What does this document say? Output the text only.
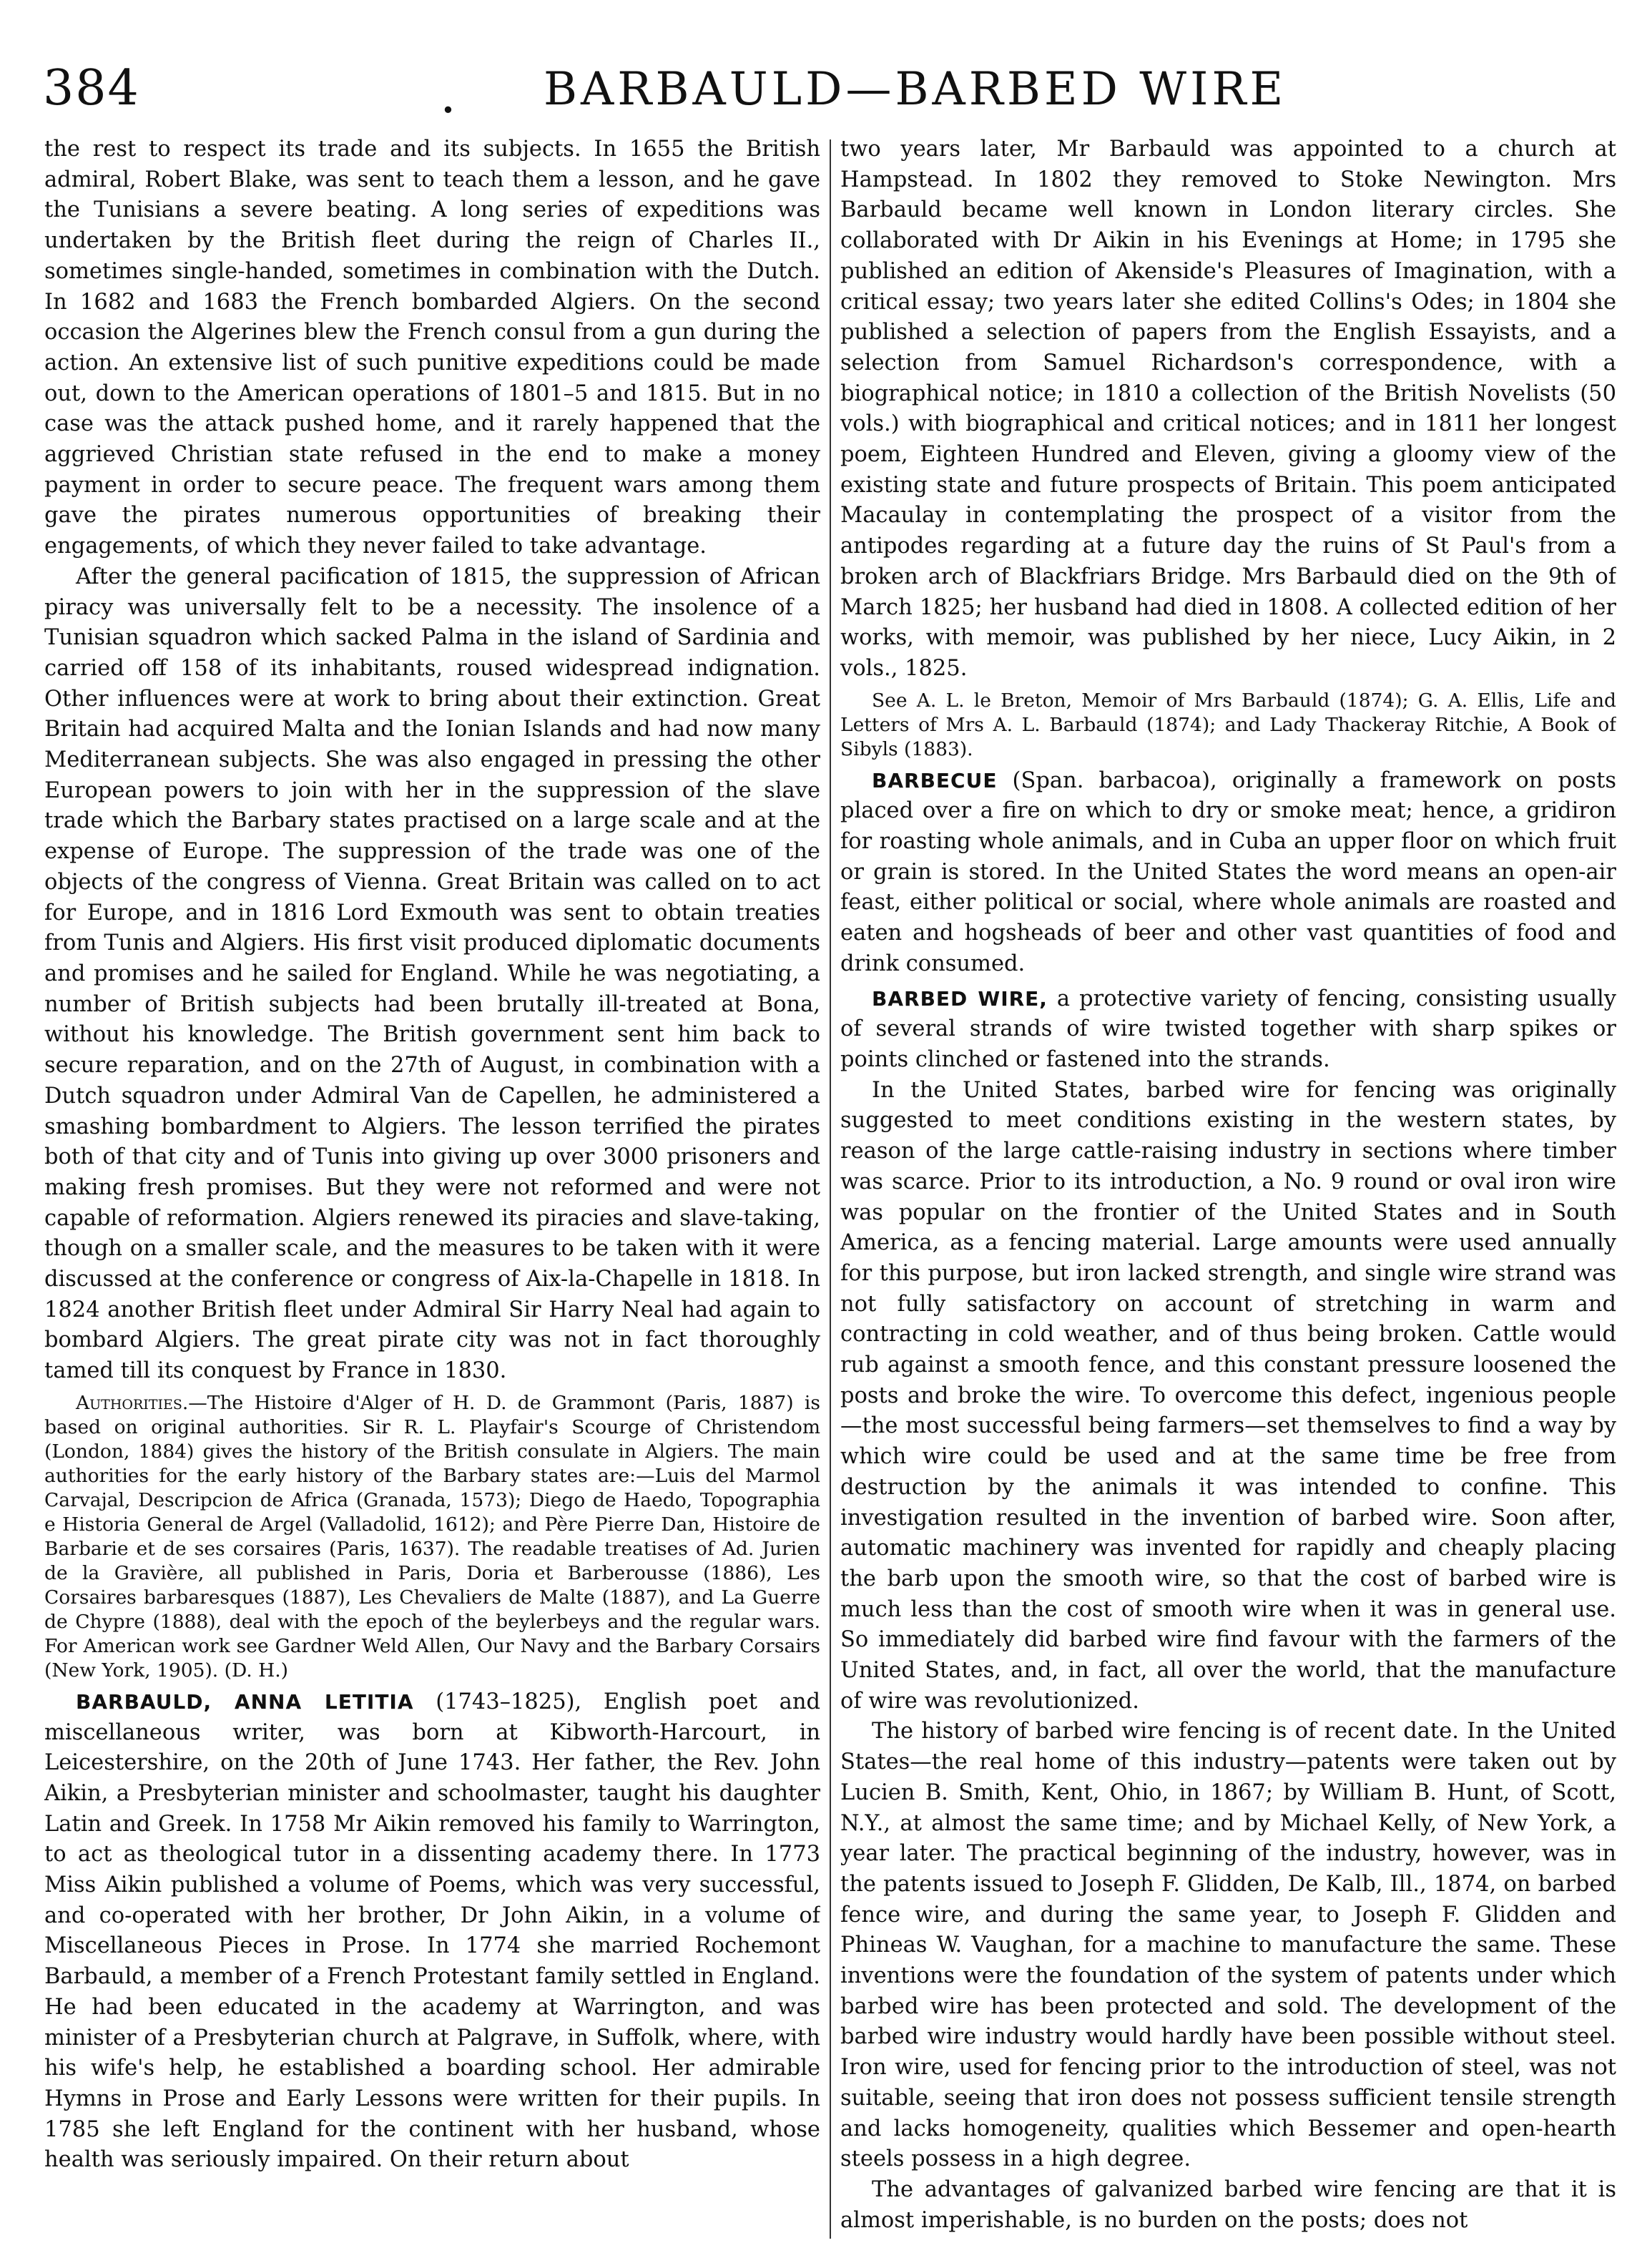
384	. BARBAULD—BARBED WIRE

the rest to respect its trade and its subjects. In 1655 the British admiral, Robert Blake, was sent to teach them a lesson, and he gave the Tunisians a severe beating. A long series of expeditions was undertaken by the British fleet during the reign of Charles II., sometimes single-handed, sometimes in combination with the Dutch. In 1682 and 1683 the French bombarded Algiers. On the second occasion the Algerines blew the French consul from a gun during the action. An extensive list of such punitive expeditions could be made out, down to the American operations of 1801–5 and 1815. But in no case was the attack pushed home, and it rarely happened that the aggrieved Christian state refused in the end to make a money payment in order to secure peace. The frequent wars among them gave the pirates numerous opportunities of breaking their engagements, of which they never failed to take advantage.

After the general pacification of 1815, the suppression of African piracy was universally felt to be a necessity. The insolence of a Tunisian squadron which sacked Palma in the island of Sardinia and carried off 158 of its inhabitants, roused widespread indignation. Other influences were at work to bring about their extinction. Great Britain had acquired Malta and the Ionian Islands and had now many Mediterranean subjects. She was also engaged in pressing the other European powers to join with her in the suppression of the slave trade which the Barbary states practised on a large scale and at the expense of Europe. The suppression of the trade was one of the objects of the congress of Vienna. Great Britain was called on to act for Europe, and in 1816 Lord Exmouth was sent to obtain treaties from Tunis and Algiers. His first visit produced diplomatic documents and promises and he sailed for England. While he was negotiating, a number of British subjects had been brutally ill-treated at Bona, without his knowledge. The British government sent him back to secure reparation, and on the 27th of August, in combination with a Dutch squadron under Admiral Van de Capellen, he administered a smashing bombardment to Algiers. The lesson terrified the pirates both of that city and of Tunis into giving up over 3000 prisoners and making fresh promises. But they were not reformed and were not capable of reformation. Algiers renewed its piracies and slave-taking, though on a smaller scale, and the measures to be taken with it were discussed at the conference or congress of Aix-la-Chapelle in 1818. In 1824 another British fleet under Admiral Sir Harry Neal had again to bombard Algiers. The great pirate city was not in fact thoroughly tamed till its conquest by France in 1830.

Authorities.—The Histoire d'Alger of H. D. de Grammont (Paris, 1887) is based on original authorities. Sir R. L. Playfair's Scourge of Christendom (London, 1884) gives the history of the British consulate in Algiers. The main authorities for the early history of the Barbary states are:—Luis del Marmol Carvajal, Descripcion de Africa (Granada, 1573); Diego de Haedo, Topographia e Historia General de Argel (Valladolid, 1612); and Père Pierre Dan, Histoire de Barbarie et de ses corsaires (Paris, 1637). The readable treatises of Ad. Jurien de la Gravière, all published in Paris, Doria et Barberousse (1886), Les Corsaires barbaresques (1887), Les Chevaliers de Malte (1887), and La Guerre de Chypre (1888), deal with the epoch of the beylerbeys and the regular wars. For American work see Gardner Weld Allen, Our Navy and the Barbary Corsairs (New York, 1905). (D. H.)

BARBAULD, ANNA LETITIA (1743–1825), English poet and miscellaneous writer, was born at Kibworth-Harcourt, in Leicestershire, on the 20th of June 1743. Her father, the Rev. John Aikin, a Presbyterian minister and schoolmaster, taught his daughter Latin and Greek. In 1758 Mr Aikin removed his family to Warrington, to act as theological tutor in a dissenting academy there. In 1773 Miss Aikin published a volume of Poems, which was very successful, and co-operated with her brother, Dr John Aikin, in a volume of Miscellaneous Pieces in Prose. In 1774 she married Rochemont Barbauld, a member of a French Protestant family settled in England. He had been educated in the academy at Warrington, and was minister of a Presbyterian church at Palgrave, in Suffolk, where, with his wife's help, he established a boarding school. Her admirable Hymns in Prose and Early Lessons were written for their pupils. In 1785 she left England for the continent with her husband, whose health was seriously impaired. On their return about

two years later, Mr Barbauld was appointed to a church at Hampstead. In 1802 they removed to Stoke Newington. Mrs Barbauld became well known in London literary circles. She collaborated with Dr Aikin in his Evenings at Home; in 1795 she published an edition of Akenside's Pleasures of Imagination, with a critical essay; two years later she edited Collins's Odes; in 1804 she published a selection of papers from the English Essayists, and a selection from Samuel Richardson's correspondence, with a biographical notice; in 1810 a collection of the British Novelists (50 vols.) with biographical and critical notices; and in 1811 her longest poem, Eighteen Hundred and Eleven, giving a gloomy view of the existing state and future prospects of Britain. This poem anticipated Macaulay in contemplating the prospect of a visitor from the antipodes regarding at a future day the ruins of St Paul's from a broken arch of Blackfriars Bridge. Mrs Barbauld died on the 9th of March 1825; her husband had died in 1808. A collected edition of her works, with memoir, was published by her niece, Lucy Aikin, in 2 vols., 1825.

See A. L. le Breton, Memoir of Mrs Barbauld (1874); G. A. Ellis, Life and Letters of Mrs A. L. Barbauld (1874); and Lady Thackeray Ritchie, A Book of Sibyls (1883).

BARBECUE (Span. barbacoa), originally a framework on posts placed over a fire on which to dry or smoke meat; hence, a gridiron for roasting whole animals, and in Cuba an upper floor on which fruit or grain is stored. In the United States the word means an open-air feast, either political or social, where whole animals are roasted and eaten and hogsheads of beer and other vast quantities of food and drink consumed.

BARBED WIRE, a protective variety of fencing, consisting usually of several strands of wire twisted together with sharp spikes or points clinched or fastened into the strands.

In the United States, barbed wire for fencing was originally suggested to meet conditions existing in the western states, by reason of the large cattle-raising industry in sections where timber was scarce. Prior to its introduction, a No. 9 round or oval iron wire was popular on the frontier of the United States and in South America, as a fencing material. Large amounts were used annually for this purpose, but iron lacked strength, and single wire strand was not fully satisfactory on account of stretching in warm and contracting in cold weather, and of thus being broken. Cattle would rub against a smooth fence, and this constant pressure loosened the posts and broke the wire. To overcome this defect, ingenious people—the most successful being farmers—set themselves to find a way by which wire could be used and at the same time be free from destruction by the animals it was intended to confine. This investigation resulted in the invention of barbed wire. Soon after, automatic machinery was invented for rapidly and cheaply placing the barb upon the smooth wire, so that the cost of barbed wire is much less than the cost of smooth wire when it was in general use. So immediately did barbed wire find favour with the farmers of the United States, and, in fact, all over the world, that the manufacture of wire was revolutionized.

The history of barbed wire fencing is of recent date. In the United States—the real home of this industry—patents were taken out by Lucien B. Smith, Kent, Ohio, in 1867; by William B. Hunt, of Scott, N.Y., at almost the same time; and by Michael Kelly, of New York, a year later. The practical beginning of the industry, however, was in the patents issued to Joseph F. Glidden, De Kalb, Ill., 1874, on barbed fence wire, and during the same year, to Joseph F. Glidden and Phineas W. Vaughan, for a machine to manufacture the same. These inventions were the foundation of the system of patents under which barbed wire has been protected and sold. The development of the barbed wire industry would hardly have been possible without steel. Iron wire, used for fencing prior to the introduction of steel, was not suitable, seeing that iron does not possess sufficient tensile strength and lacks homogeneity, qualities which Bessemer and open-hearth steels possess in a high degree.

The advantages of galvanized barbed wire fencing are that it is almost imperishable, is no burden on the posts; does not
